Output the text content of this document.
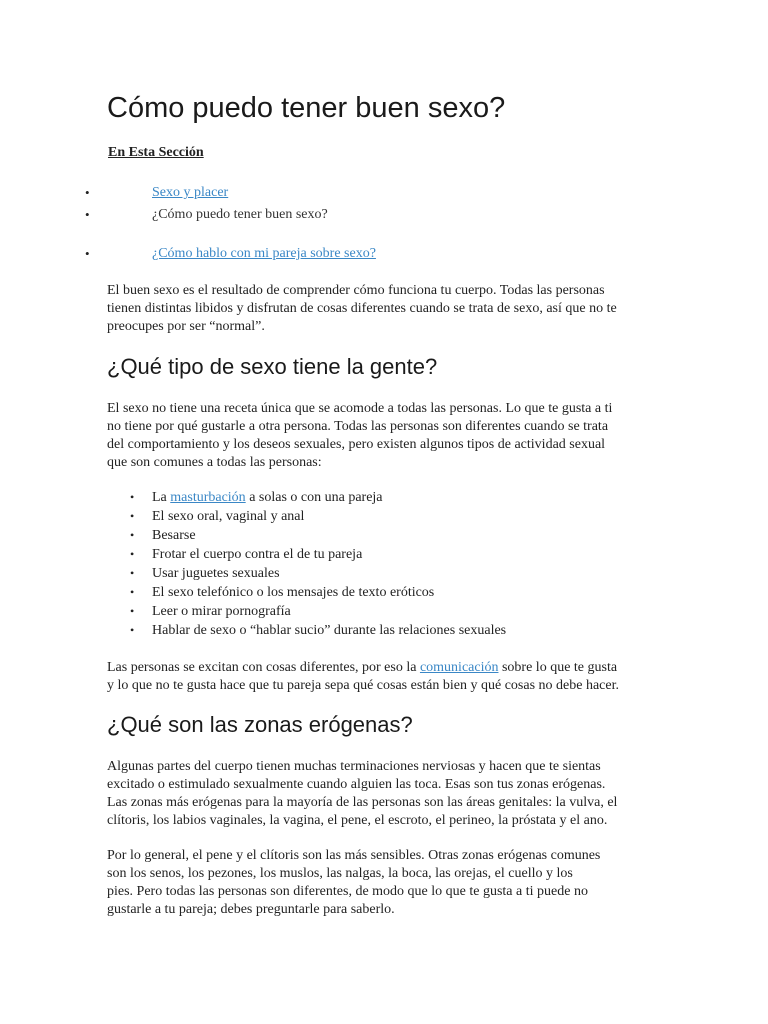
Cómo puedo tener buen sexo?
En Esta Sección
•	Sexo y placer
•	¿Cómo puedo tener buen sexo?
•	¿Cómo hablo con mi pareja sobre sexo?
El buen sexo es el resultado de comprender cómo funciona tu cuerpo. Todas las personas
tienen distintas libidos y disfrutan de cosas diferentes cuando se trata de sexo, así que no te
preocupes por ser “normal”.
¿Qué tipo de sexo tiene la gente?
El sexo no tiene una receta única que se acomode a todas las personas. Lo que te gusta a ti
no tiene por qué gustarle a otra persona. Todas las personas son diferentes cuando se trata
del comportamiento y los deseos sexuales, pero existen algunos tipos de actividad sexual
que son comunes a todas las personas:
• La masturbación a solas o con una pareja
• El sexo oral, vaginal y anal
• Besarse
• Frotar el cuerpo contra el de tu pareja
• Usar juguetes sexuales
• El sexo telefónico o los mensajes de texto eróticos
• Leer o mirar pornografía
• Hablar de sexo o “hablar sucio” durante las relaciones sexuales
Las personas se excitan con cosas diferentes, por eso la comunicación sobre lo que te gusta
y lo que no te gusta hace que tu pareja sepa qué cosas están bien y qué cosas no debe hacer.
¿Qué son las zonas erógenas?
Algunas partes del cuerpo tienen muchas terminaciones nerviosas y hacen que te sientas
excitado o estimulado sexualmente cuando alguien las toca. Esas son tus zonas erógenas.
Las zonas más erógenas para la mayoría de las personas son las áreas genitales: la vulva, el
clítoris, los labios vaginales, la vagina, el pene, el escroto, el perineo, la próstata y el ano.
Por lo general, el pene y el clítoris son las más sensibles. Otras zonas erógenas comunes
son los senos, los pezones, los muslos, las nalgas, la boca, las orejas, el cuello y los
pies. Pero todas las personas son diferentes, de modo que lo que te gusta a ti puede no
gustarle a tu pareja; debes preguntarle para saberlo.
